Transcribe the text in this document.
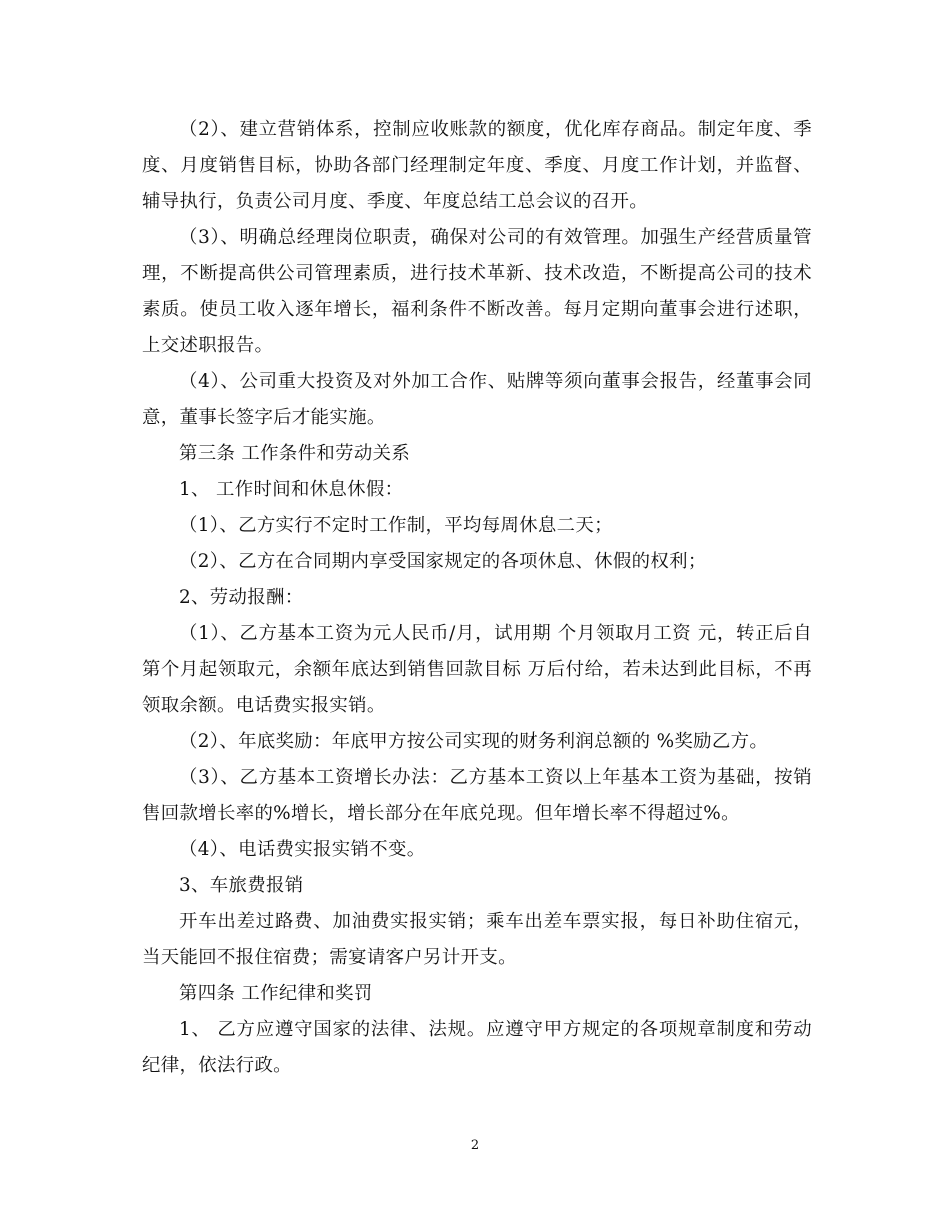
（2）、建立营销体系，控制应收账款的额度，优化库存商品。制定年度、季度、月度销售目标，协助各部门经理制定年度、季度、月度工作计划，并监督、辅导执行，负责公司月度、季度、年度总结工总会议的召开。

（3）、明确总经理岗位职责，确保对公司的有效管理。加强生产经营质量管理，不断提高供公司管理素质，进行技术革新、技术改造，不断提高公司的技术素质。使员工收入逐年增长，福利条件不断改善。每月定期向董事会进行述职，上交述职报告。

（4）、公司重大投资及对外加工合作、贴牌等须向董事会报告，经董事会同意，董事长签字后才能实施。

第三条 工作条件和劳动关系

1、 工作时间和休息休假：

（1）、乙方实行不定时工作制，平均每周休息二天；

（2）、乙方在合同期内享受国家规定的各项休息、休假的权利；

2、劳动报酬：

（1）、乙方基本工资为元人民币/月，试用期 个月领取月工资 元，转正后自第个月起领取元，余额年底达到销售回款目标 万后付给，若未达到此目标，不再领取余额。电话费实报实销。

（2）、年底奖励：年底甲方按公司实现的财务利润总额的 %奖励乙方。

（3）、乙方基本工资增长办法：乙方基本工资以上年基本工资为基础，按销售回款增长率的%增长，增长部分在年底兑现。但年增长率不得超过%。

（4）、电话费实报实销不变。

3、车旅费报销

开车出差过路费、加油费实报实销；乘车出差车票实报，每日补助住宿元，当天能回不报住宿费；需宴请客户另计开支。

第四条 工作纪律和奖罚

1、 乙方应遵守国家的法律、法规。应遵守甲方规定的各项规章制度和劳动纪律，依法行政。

2
